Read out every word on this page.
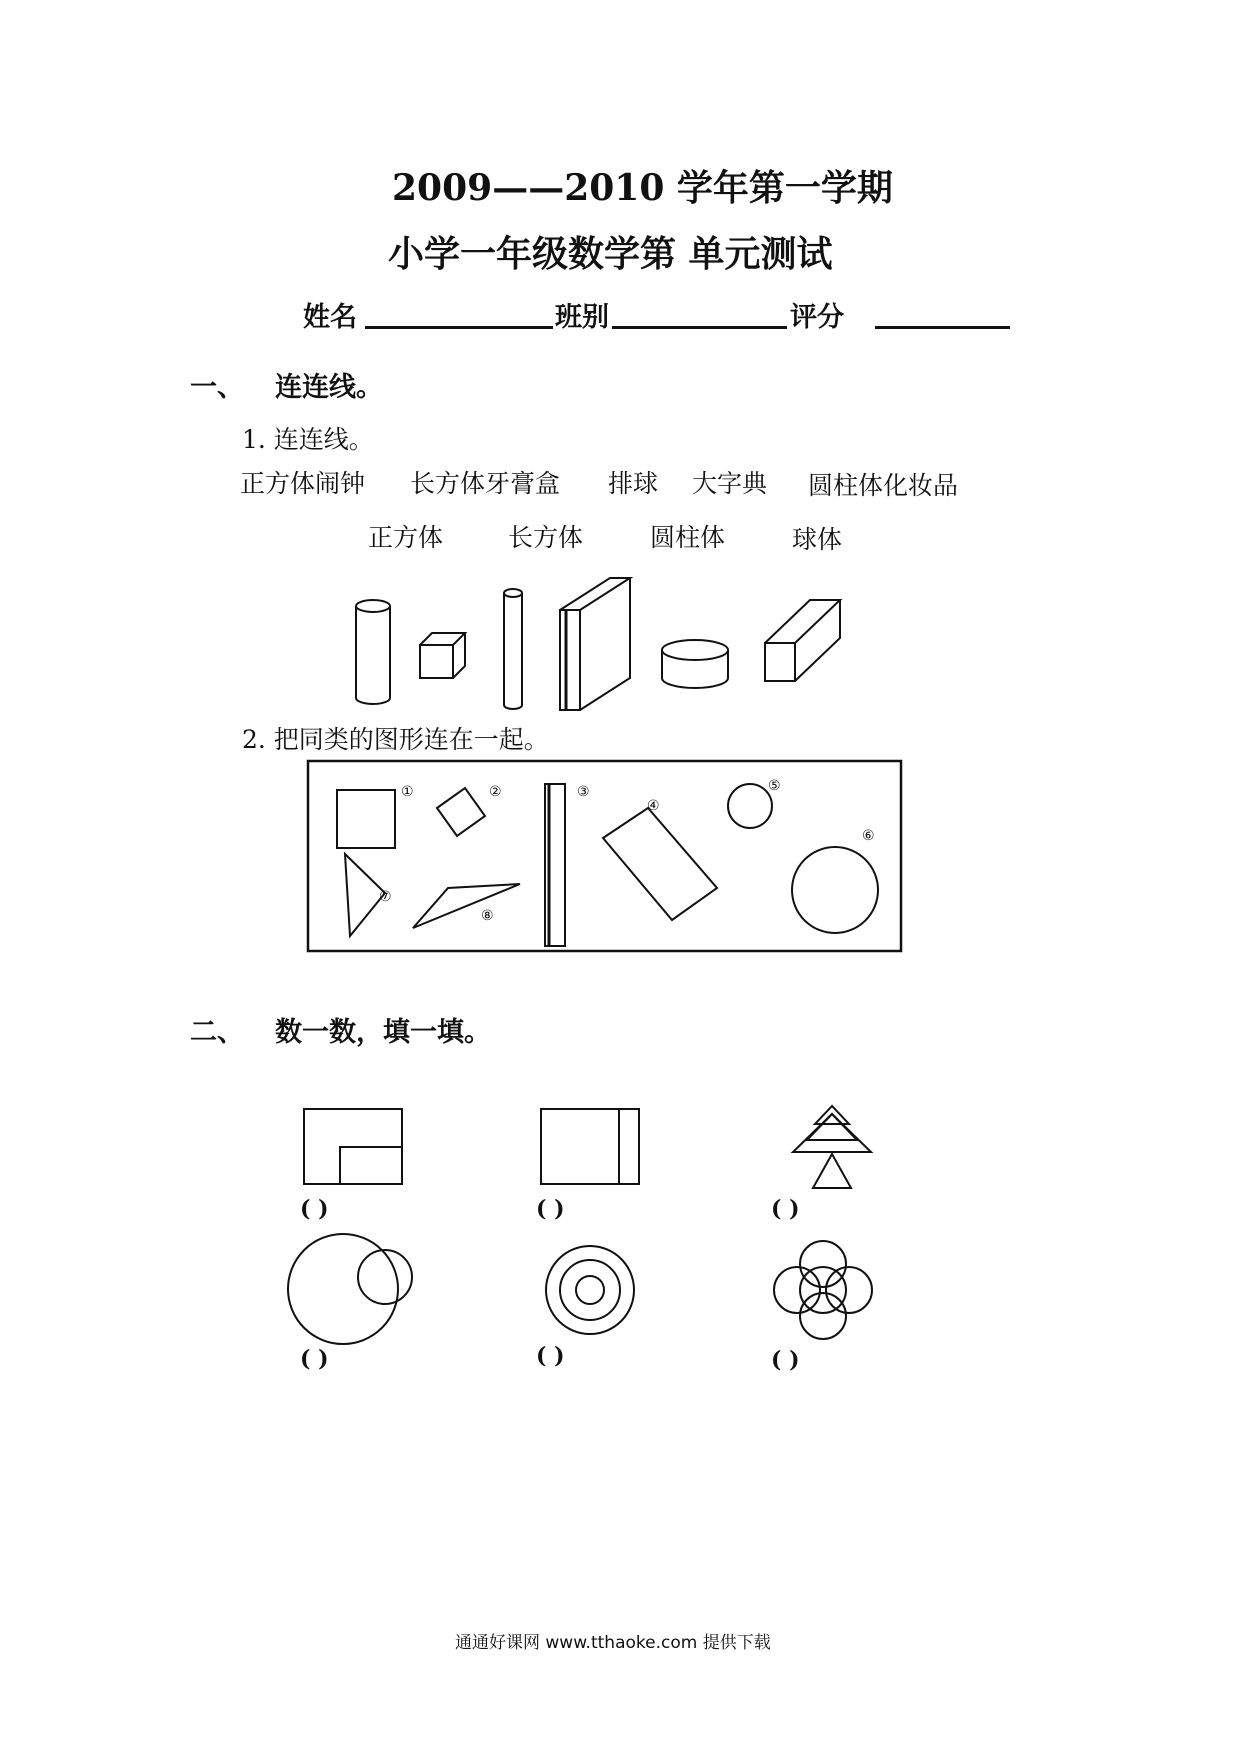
2009——2010 学年第一学期
小学一年级数学第 单元测试
姓名	班别	评分
一、 连连线。
1. 连连线。
正方体闹钟 长方体牙膏盒 排球 大字典 圆柱体化妆品
正方体	长方体	圆柱体	球体
2. 把同类的图形连在一起。
①	②	③
④
⑤
⑥
⑦
⑧
二、 数一数，填一填。
( )	( )	( )
( )	( )	( )
通通好课网 www.tthaoke.com 提供下载
